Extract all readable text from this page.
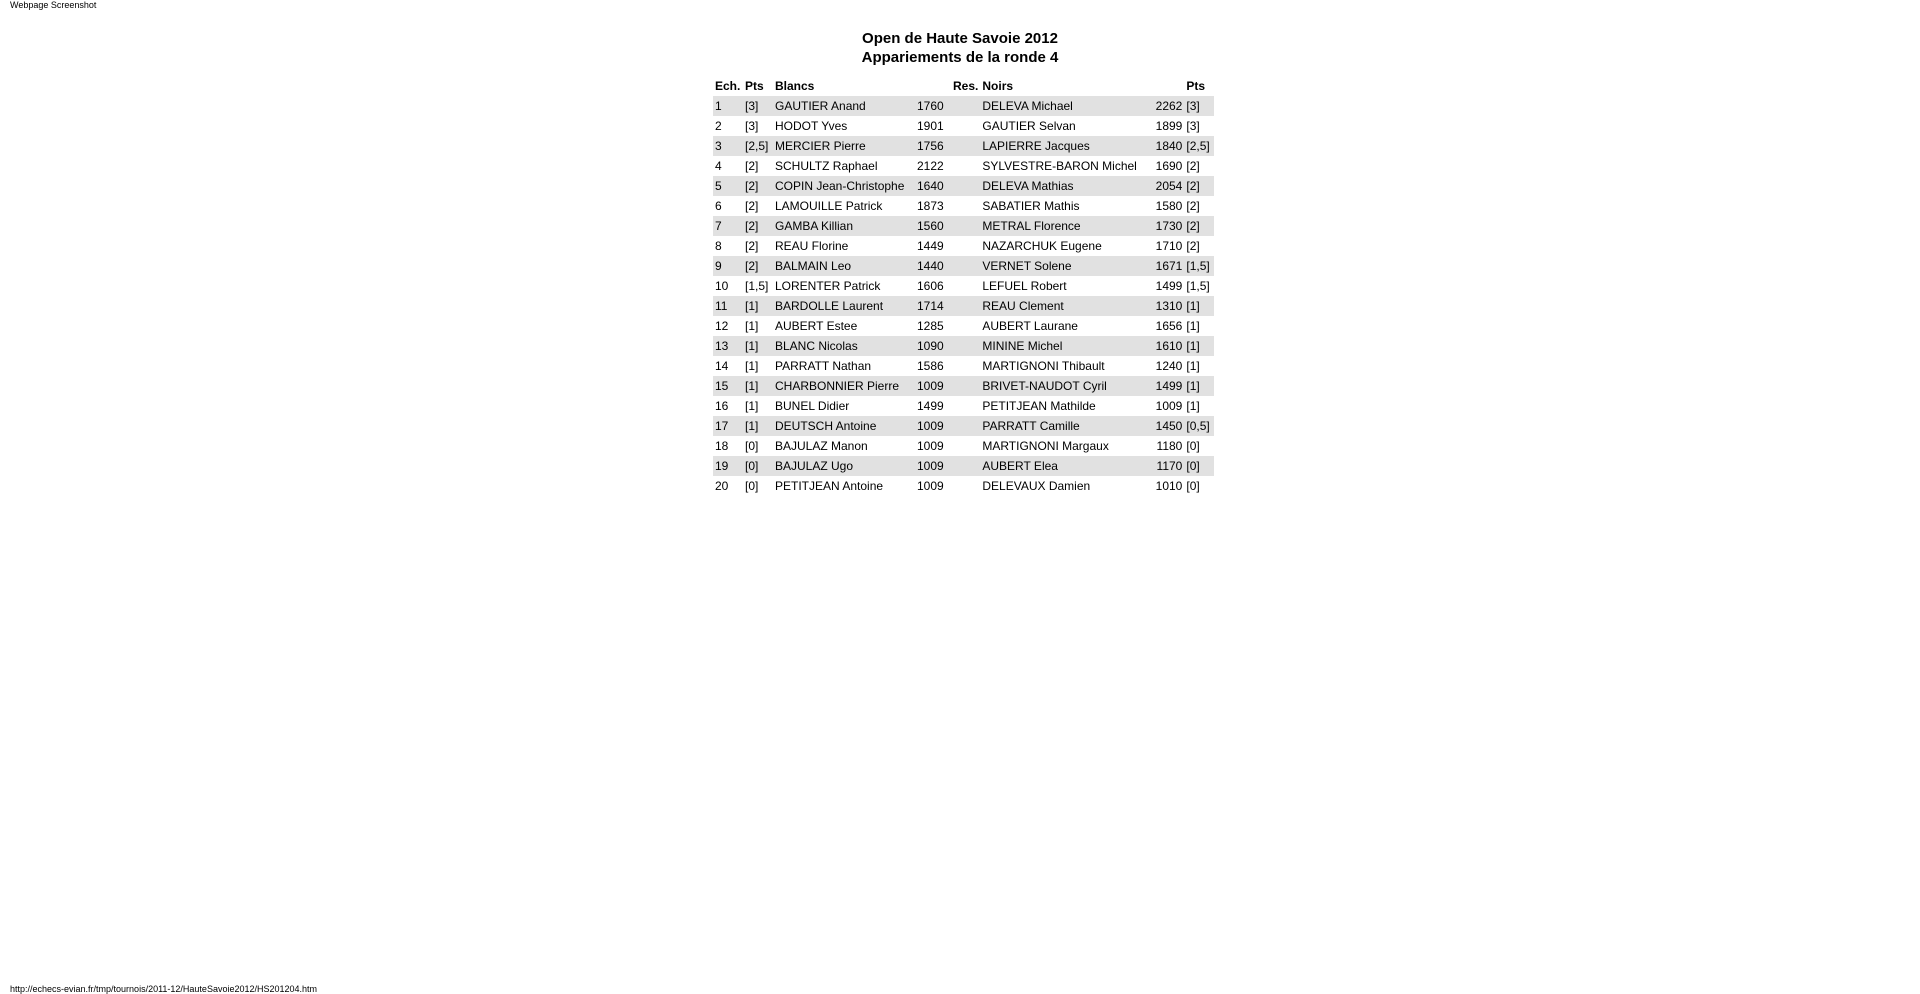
Webpage Screenshot
Open de Haute Savoie 2012
Appariements de la ronde 4
Ech.	Pts	Blancs		Res.	Noirs		Pts
1	[3]	GAUTIER Anand	1760		DELEVA Michael	2262	[3]
2	[3]	HODOT Yves	1901		GAUTIER Selvan	1899	[3]
3	[2,5]	MERCIER Pierre	1756		LAPIERRE Jacques	1840	[2,5]
4	[2]	SCHULTZ Raphael	2122		SYLVESTRE-BARON Michel	1690	[2]
5	[2]	COPIN Jean-Christophe	1640		DELEVA Mathias	2054	[2]
6	[2]	LAMOUILLE Patrick	1873		SABATIER Mathis	1580	[2]
7	[2]	GAMBA Killian	1560		METRAL Florence	1730	[2]
8	[2]	REAU Florine	1449		NAZARCHUK Eugene	1710	[2]
9	[2]	BALMAIN Leo	1440		VERNET Solene	1671	[1,5]
10	[1,5]	LORENTER Patrick	1606		LEFUEL Robert	1499	[1,5]
11	[1]	BARDOLLE Laurent	1714		REAU Clement	1310	[1]
12	[1]	AUBERT Estee	1285		AUBERT Laurane	1656	[1]
13	[1]	BLANC Nicolas	1090		MININE Michel	1610	[1]
14	[1]	PARRATT Nathan	1586		MARTIGNONI Thibault	1240	[1]
15	[1]	CHARBONNIER Pierre	1009		BRIVET-NAUDOT Cyril	1499	[1]
16	[1]	BUNEL Didier	1499		PETITJEAN Mathilde	1009	[1]
17	[1]	DEUTSCH Antoine	1009		PARRATT Camille	1450	[0,5]
18	[0]	BAJULAZ Manon	1009		MARTIGNONI Margaux	1180	[0]
19	[0]	BAJULAZ Ugo	1009		AUBERT Elea	1170	[0]
20	[0]	PETITJEAN Antoine	1009		DELEVAUX Damien	1010	[0]
http://echecs-evian.fr/tmp/tournois/2011-12/HauteSavoie2012/HS201204.htm
